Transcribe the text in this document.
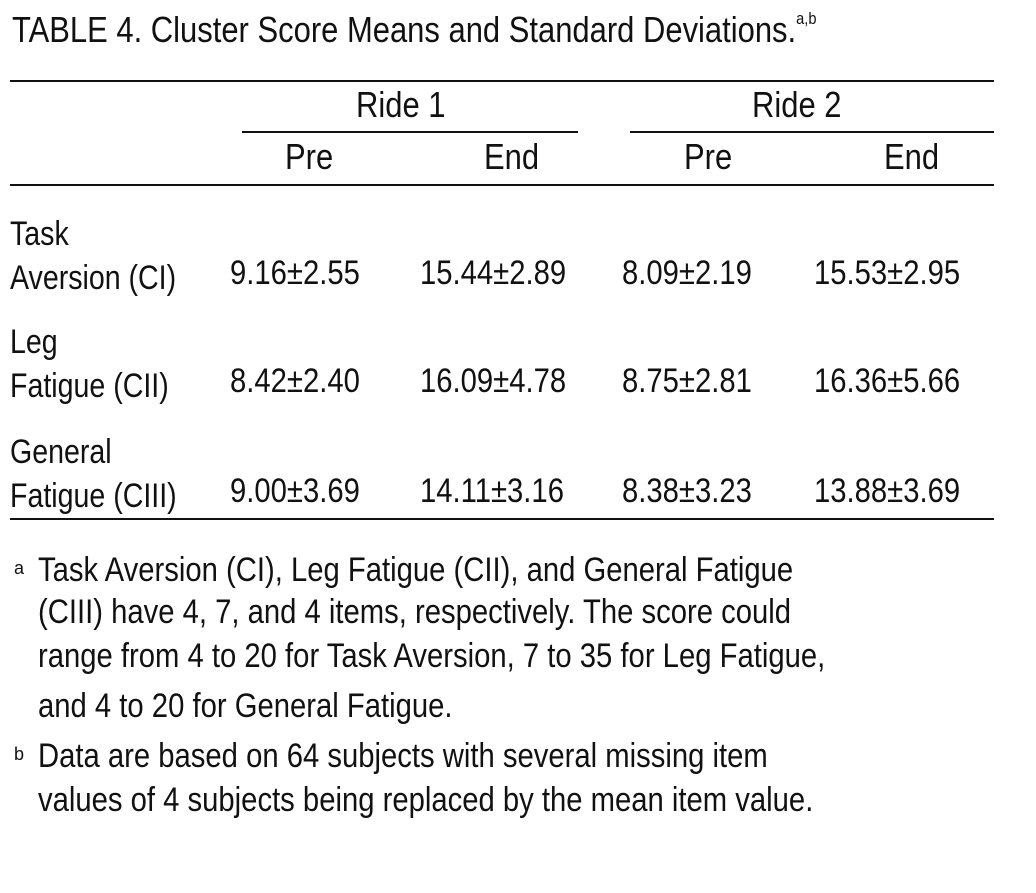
TABLE 4. Cluster Score Means and Standard Deviations.$^{a,b}$
Ride 1	Ride 2
Pre	End	Pre	End
Task
Aversion (CI) 9.16±2.55 15.44±2.89 8.09±2.19 15.53±2.95
Leg
Fatigue (CII) 8.42±2.40 16.09±4.78 8.75±2.81 16.36±5.66
General
Fatigue (CIII) 9.00±3.69 14.11±3.16 8.38±3.23 13.88±3.69
a Task Aversion (CI), Leg Fatigue (CII), and General Fatigue
(CIII) have 4, 7, and 4 items, respectively. The score could
range from 4 to 20 for Task Aversion, 7 to 35 for Leg Fatigue,
and 4 to 20 for General Fatigue.
b Data are based on 64 subjects with several missing item
values of 4 subjects being replaced by the mean item value.
